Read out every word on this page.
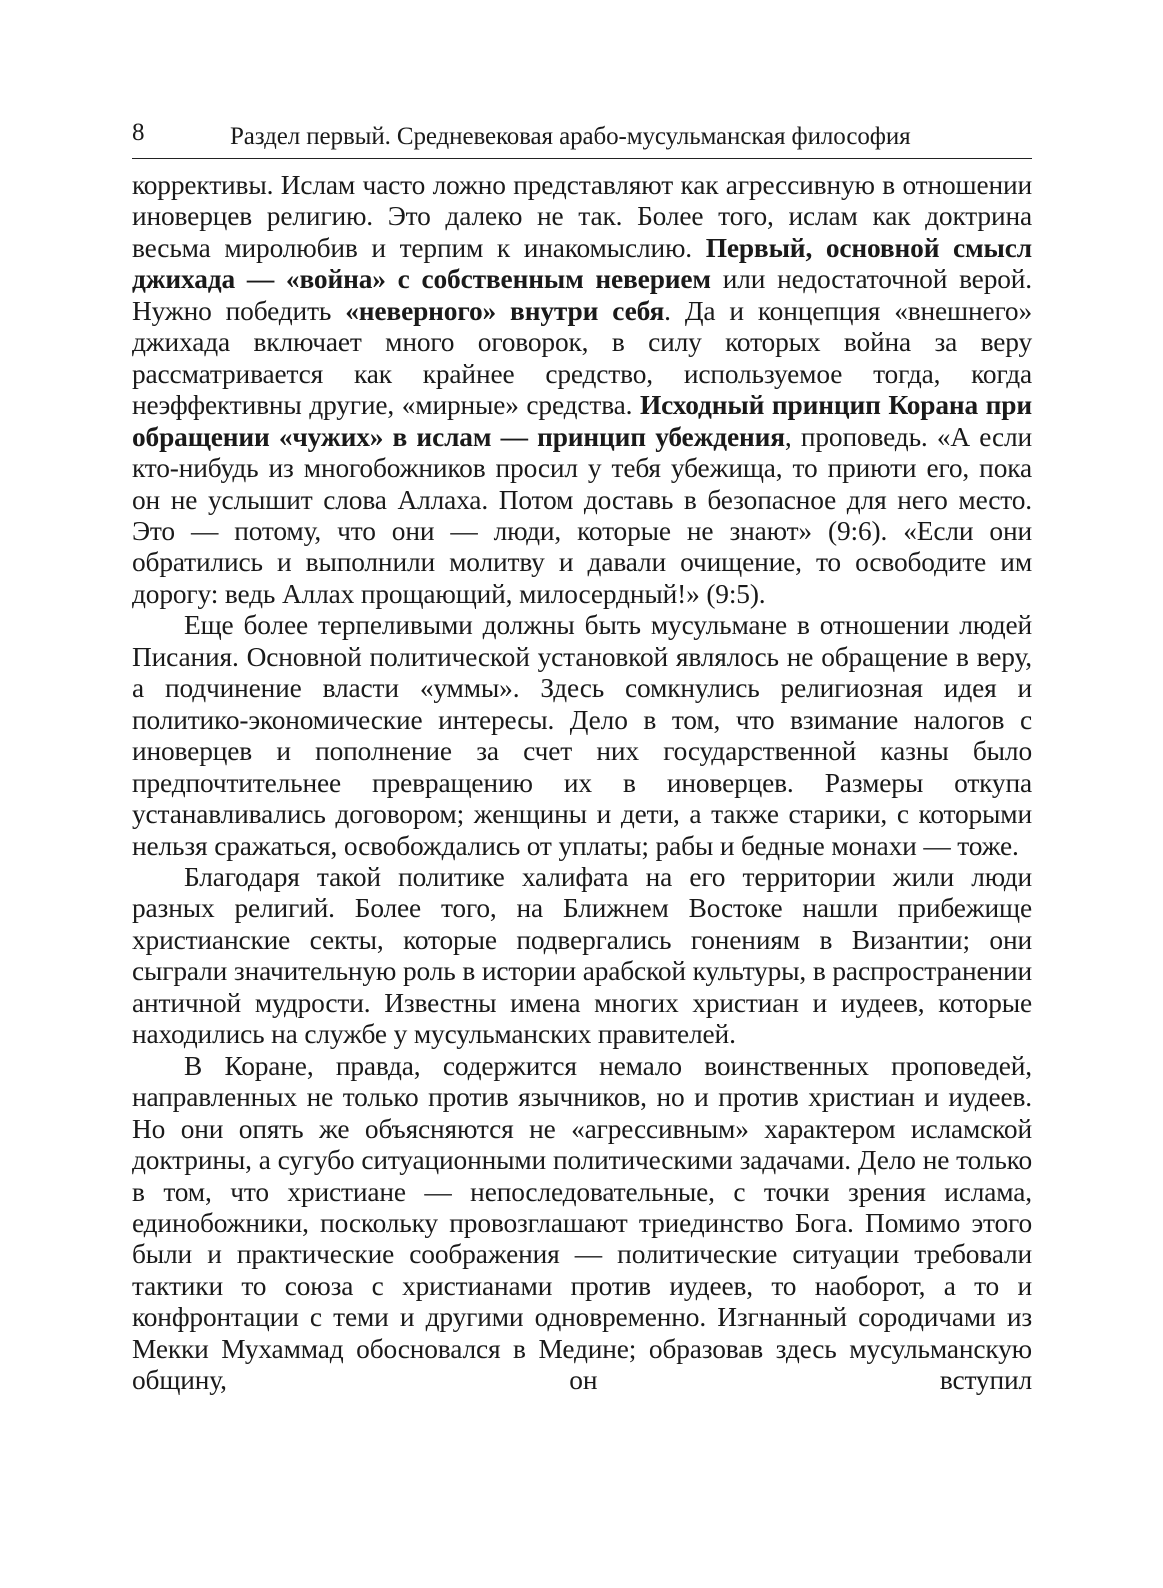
8	Раздел первый. Средневековая арабо-мусульманская философия

коррективы. Ислам часто ложно представляют как агрессивную в отношении иноверцев религию. Это далеко не так. Более того, ислам как доктрина весьма миролюбив и терпим к инакомыслию. Первый, основной смысл джихада — «война» с собственным неверием или недостаточной верой. Нужно победить «неверного» внутри себя. Да и концепция «внешнего» джихада включает много оговорок, в силу которых война за веру рассматривается как крайнее средство, используемое тогда, когда неэффективны другие, «мирные» средства. Исходный принцип Корана при обращении «чужих» в ислам — принцип убеждения, проповедь. «А если кто-нибудь из многобожников просил у тебя убежища, то приюти его, пока он не услышит слова Аллаха. Потом доставь в безопасное для него место. Это — потому, что они — люди, которые не знают» (9:6). «Если они обратились и выполнили молитву и давали очищение, то освободите им дорогу: ведь Аллах прощающий, милосердный!» (9:5).

Еще более терпеливыми должны быть мусульмане в отношении людей Писания. Основной политической установкой являлось не обращение в веру, а подчинение власти «уммы». Здесь сомкнулись религиозная идея и политико-экономические интересы. Дело в том, что взимание налогов с иноверцев и пополнение за счет них государственной казны было предпочтительнее превращению их в иноверцев. Размеры откупа устанавливались договором; женщины и дети, а также старики, с которыми нельзя сражаться, освобождались от уплаты; рабы и бедные монахи — тоже.

Благодаря такой политике халифата на его территории жили люди разных религий. Более того, на Ближнем Востоке нашли прибежище христианские секты, которые подвергались гонениям в Византии; они сыграли значительную роль в истории арабской культуры, в распространении античной мудрости. Известны имена многих христиан и иудеев, которые находились на службе у мусульманских правителей.

В Коране, правда, содержится немало воинственных проповедей, направленных не только против язычников, но и против христиан и иудеев. Но они опять же объясняются не «агрессивным» характером исламской доктрины, а сугубо ситуационными политическими задачами. Дело не только в том, что христиане — непоследовательные, с точки зрения ислама, единобожники, поскольку провозглашают триединство Бога. Помимо этого были и практические соображения — политические ситуации требовали тактики то союза с христианами против иудеев, то наоборот, а то и конфронтации с теми и другими одновременно. Изгнанный сородичами из Мекки Мухаммад обосновался в Медине; образовав здесь мусульманскую общину, он вступил
